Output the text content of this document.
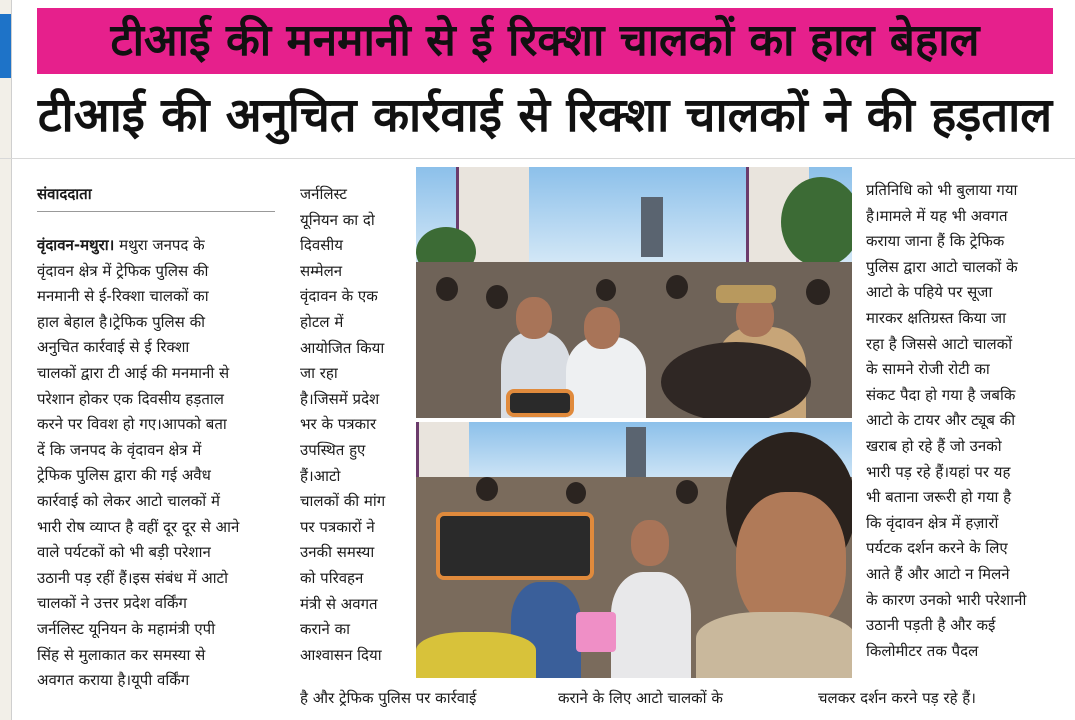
टीआई की मनमानी से ई रिक्शा चालकों का हाल बेहाल
टीआई की अनुचित कार्रवाई से रिक्शा चालकों ने की हड़ताल
संवाददाता
वृंदावन-मथुरा। मथुरा जनपद के
वृंदावन क्षेत्र में ट्रेफिक पुलिस की
मनमानी से ई-रिक्शा चालकों का
हाल बेहाल है।ट्रेफिक पुलिस की
अनुचित कार्रवाई से ई रिक्शा
चालकों द्वारा टी आई की मनमानी से
परेशान होकर एक दिवसीय हड़ताल
करने पर विवश हो गए।आपको बता
दें कि जनपद के वृंदावन क्षेत्र में
ट्रेफिक पुलिस द्वारा की गई अवैध
कार्रवाई को लेकर आटो चालकों में
भारी रोष व्याप्त है वहीं दूर दूर से आने
वाले पर्यटकों को भी बड़ी परेशान
उठानी पड़ रहीं हैं।इस संबंध में आटो
चालकों ने उत्तर प्रदेश वर्किंग
जर्नलिस्ट यूनियन के महामंत्री एपी
सिंह से मुलाकात कर समस्या से
अवगत कराया है।यूपी वर्किंग
जर्नलिस्ट
यूनियन का दो
दिवसीय
सम्मेलन
वृंदावन के एक
होटल में
आयोजित किया
जा रहा
है।जिसमें प्रदेश
भर के पत्रकार
उपस्थित हुए
हैं।आटो
चालकों की मांग
पर पत्रकारों ने
उनकी समस्या
को परिवहन
मंत्री से अवगत
कराने का
आश्वासन दिया
है और ट्रेफिक पुलिस पर कार्रवाई	कराने के लिए आटो चालकों के
प्रतिनिधि को भी बुलाया गया
है।मामले में यह भी अवगत
कराया जाना हैं कि ट्रेफिक
पुलिस द्वारा आटो चालकों के
आटो के पहिये पर सूजा
मारकर क्षतिग्रस्त किया जा
रहा है जिससे आटो चालकों
के सामने रोजी रोटी का
संकट पैदा हो गया है जबकि
आटो के टायर और ट्यूब की
खराब हो रहे हैं जो उनको
भारी पड़ रहे हैं।यहां पर यह
भी बताना जरूरी हो गया है
कि वृंदावन क्षेत्र में हज़ारों
पर्यटक दर्शन करने के लिए
आते हैं और आटो न मिलने
के कारण उनको भारी परेशानी
उठानी पड़ती है और कई
किलोमीटर तक पैदल
चलकर दर्शन करने पड़ रहे हैं।
